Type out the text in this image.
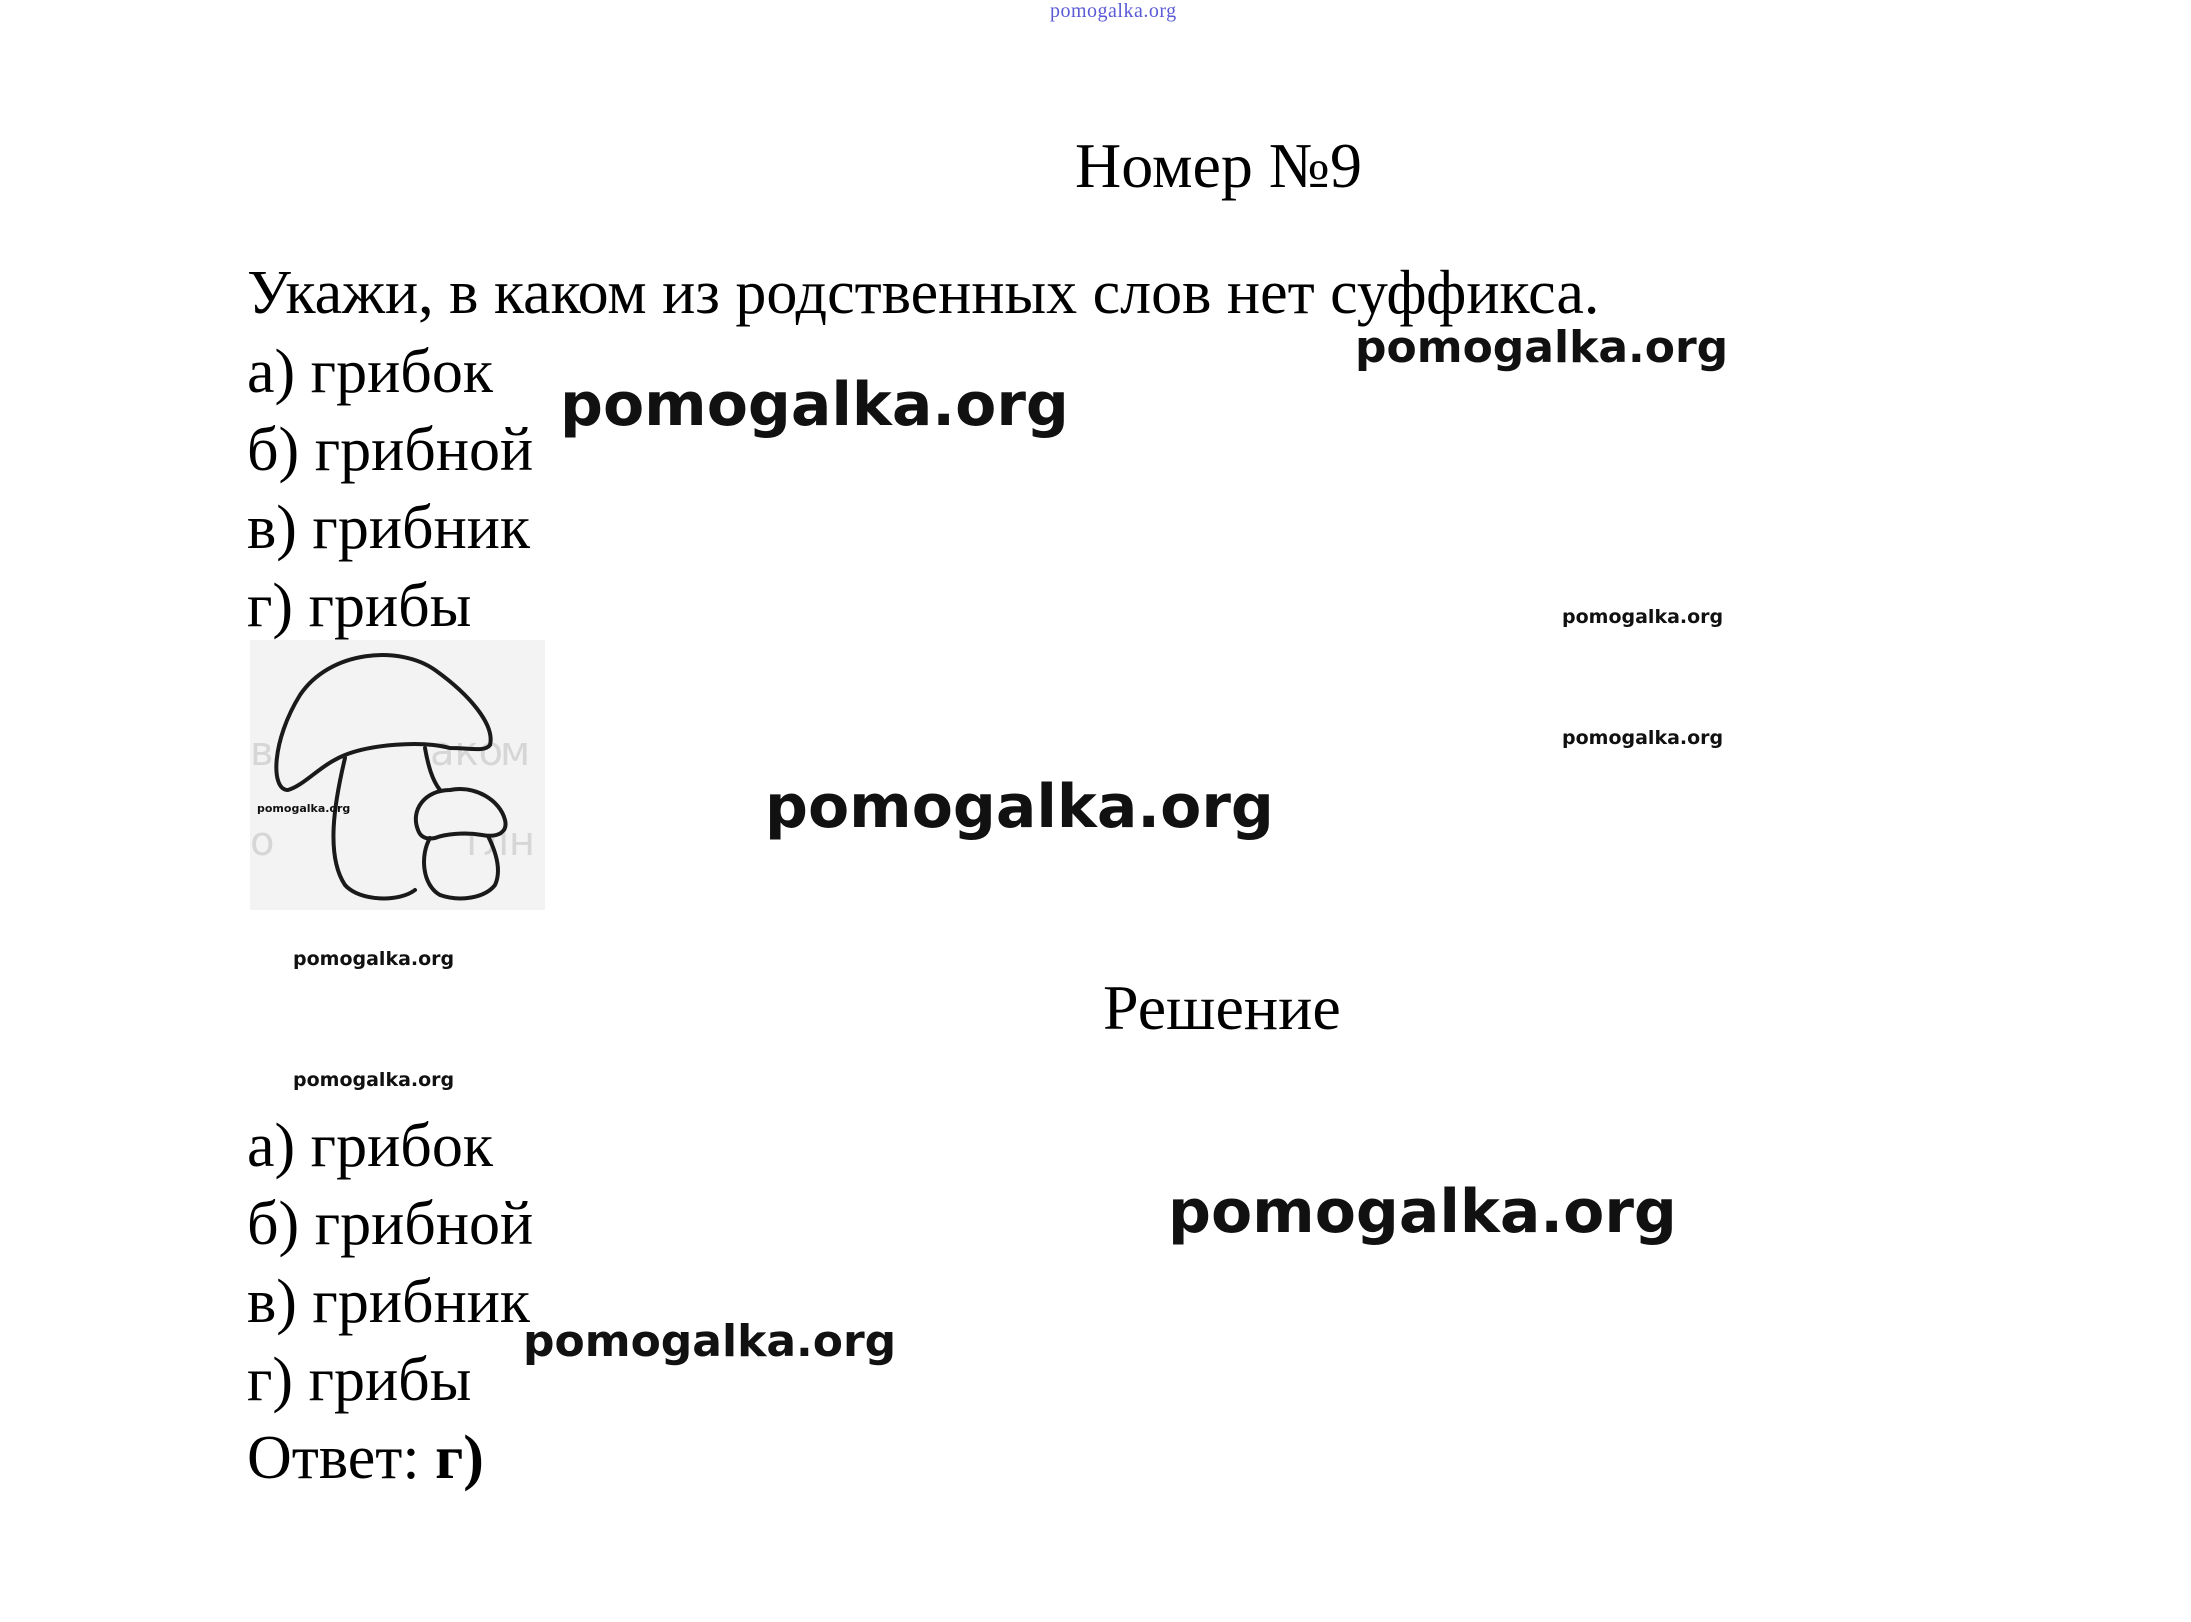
pomogalka.org
Номер №9
Укажи, в каком из родственных слов нет суффикса.
а) грибок
б) грибной
в) грибник
г) грибы
в	ако
м
о	тлн
pomogalka.org
Решение
а) грибок
б) грибной
в) грибник
г) грибы
Ответ: г)
pomogalka.org
pomogalka.org
pomogalka.org
pomogalka.org
pomogalka.org
pomogalka.org
pomogalka.org
pomogalka.org
pomogalka.org
